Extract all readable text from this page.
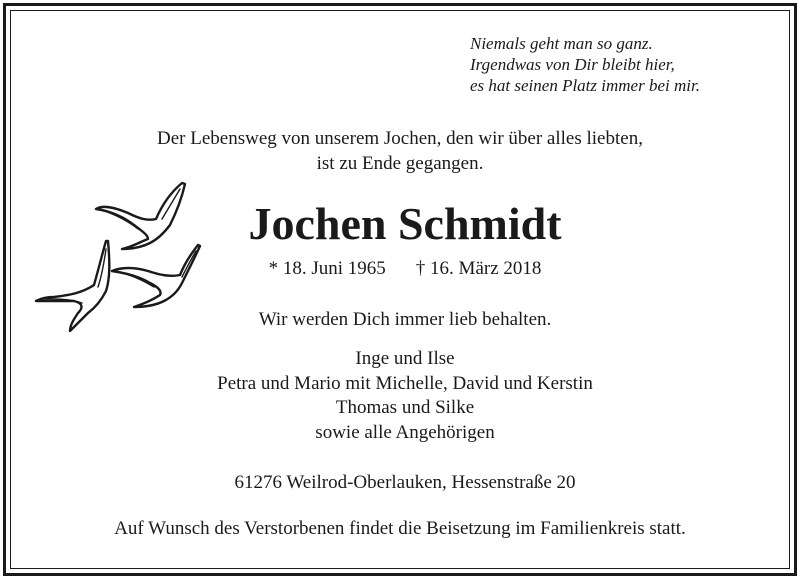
Niemals geht man so ganz.
Irgendwas von Dir bleibt hier,
es hat seinen Platz immer bei mir.
Der Lebensweg von unserem Jochen, den wir über alles liebten,
ist zu Ende gegangen.
Jochen Schmidt
* 18. Juni 1965 † 16. März 2018
Wir werden Dich immer lieb behalten.
Inge und Ilse
Petra und Mario mit Michelle, David und Kerstin
Thomas und Silke
sowie alle Angehörigen
61276 Weilrod-Oberlauken, Hessenstraße 20
Auf Wunsch des Verstorbenen findet die Beisetzung im Familienkreis statt.
